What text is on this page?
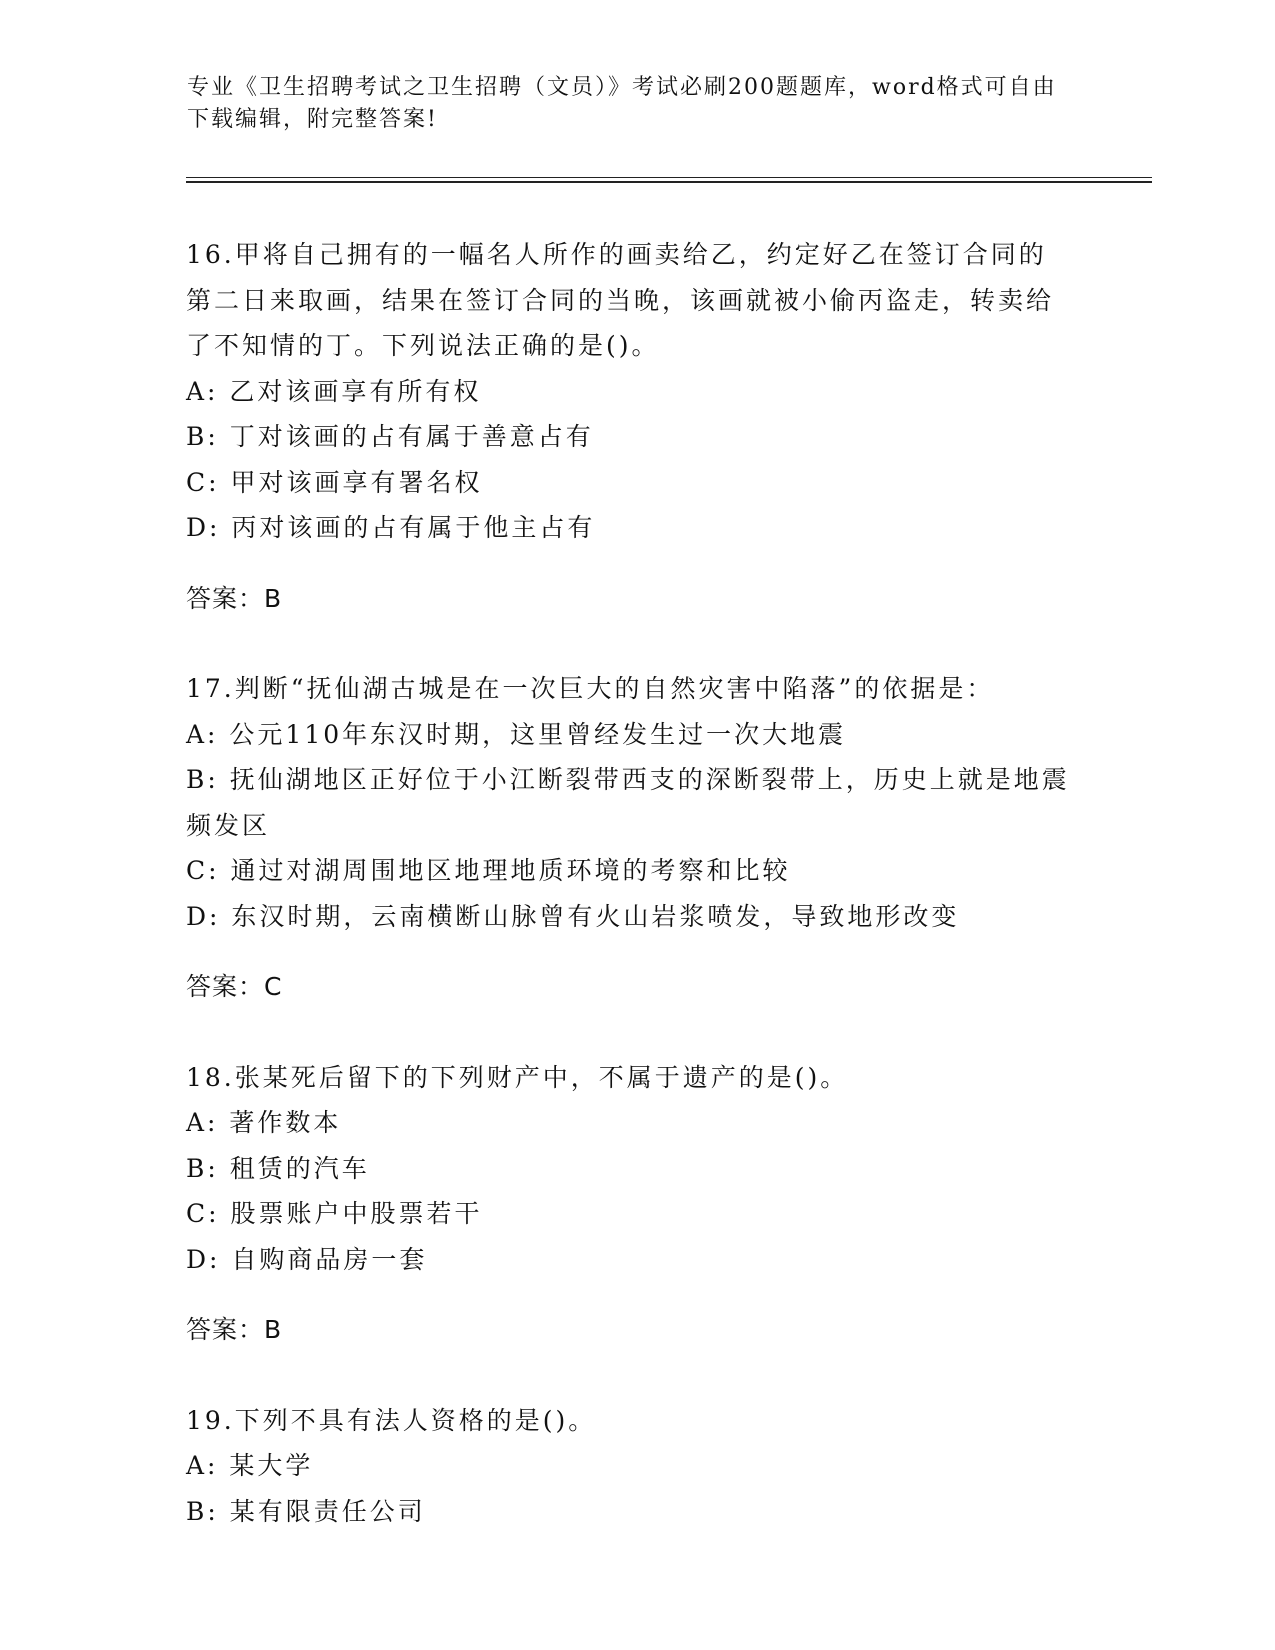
专业《卫生招聘考试之卫生招聘（文员）》考试必刷200题题库，word格式可自由下载编辑，附完整答案!

16.甲将自己拥有的一幅名人所作的画卖给乙，约定好乙在签订合同的第二日来取画，结果在签订合同的当晚，该画就被小偷丙盗走，转卖给了不知情的丁。下列说法正确的是()。

A: 乙对该画享有所有权

B: 丁对该画的占有属于善意占有

C: 甲对该画享有署名权

D: 丙对该画的占有属于他主占有

答案：B

17.判断“抚仙湖古城是在一次巨大的自然灾害中陷落”的依据是：

A: 公元110年东汉时期，这里曾经发生过一次大地震

B: 抚仙湖地区正好位于小江断裂带西支的深断裂带上，历史上就是地震频发区

C: 通过对湖周围地区地理地质环境的考察和比较

D: 东汉时期，云南横断山脉曾有火山岩浆喷发，导致地形改变

答案：C

18.张某死后留下的下列财产中，不属于遗产的是()。

A: 著作数本

B: 租赁的汽车

C: 股票账户中股票若干

D: 自购商品房一套

答案：B

19.下列不具有法人资格的是()。

A: 某大学

B: 某有限责任公司
